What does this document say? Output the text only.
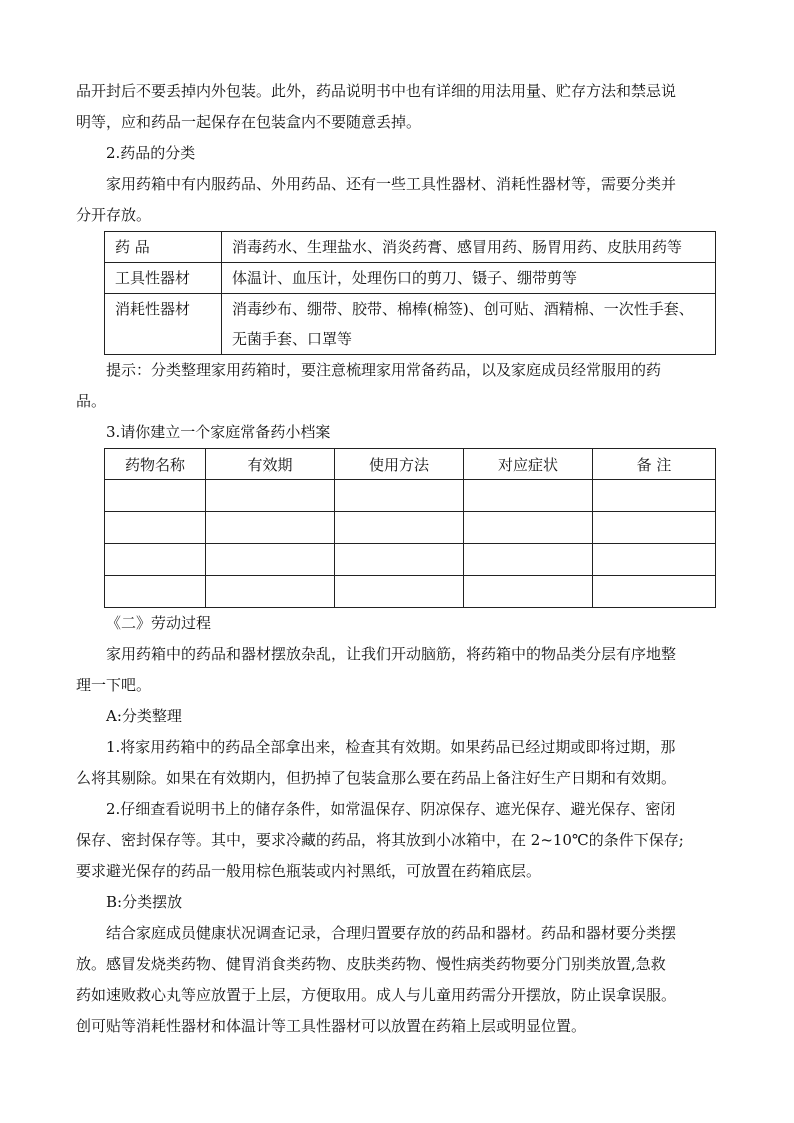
品开封后不要丢掉内外包装。此外，药品说明书中也有详细的用法用量、贮存方法和禁忌说

明等，应和药品一起保存在包装盒内不要随意丢掉。

2.药品的分类

家用药箱中有内服药品、外用药品、还有一些工具性器材、消耗性器材等，需要分类并

分开存放。

药 品	消毒药水、生理盐水、消炎药膏、感冒用药、肠胃用药、皮肤用药等
工具性器材	体温计、血压计，处理伤口的剪刀、镊子、绷带剪等
消耗性器材	消毒纱布、绷带、胶带、棉棒(棉签)、创可贴、酒精棉、一次性手套、无菌手套、口罩等

提示：分类整理家用药箱时，要注意梳理家用常备药品，以及家庭成员经常服用的药

品。

3.请你建立一个家庭常备药小档案

药物名称	有效期	使用方法	对应症状	备 注

《二》劳动过程

家用药箱中的药品和器材摆放杂乱，让我们开动脑筋，将药箱中的物品类分层有序地整

理一下吧。

A:分类整理

1.将家用药箱中的药品全部拿出来，检查其有效期。如果药品已经过期或即将过期，那

么将其剔除。如果在有效期内，但扔掉了包装盒那么要在药品上备注好生产日期和有效期。

2.仔细查看说明书上的储存条件，如常温保存、阴凉保存、遮光保存、避光保存、密闭

保存、密封保存等。其中，要求冷藏的药品，将其放到小冰箱中，在 2~10℃的条件下保存;

要求避光保存的药品一般用棕色瓶装或内衬黑纸，可放置在药箱底层。

B:分类摆放

结合家庭成员健康状况调查记录，合理归置要存放的药品和器材。药品和器材要分类摆

放。感冒发烧类药物、健胃消食类药物、皮肤类药物、慢性病类药物要分门别类放置,急救

药如速败救心丸等应放置于上层，方便取用。成人与儿童用药需分开摆放，防止误拿误服。

创可贴等消耗性器材和体温计等工具性器材可以放置在药箱上层或明显位置。
